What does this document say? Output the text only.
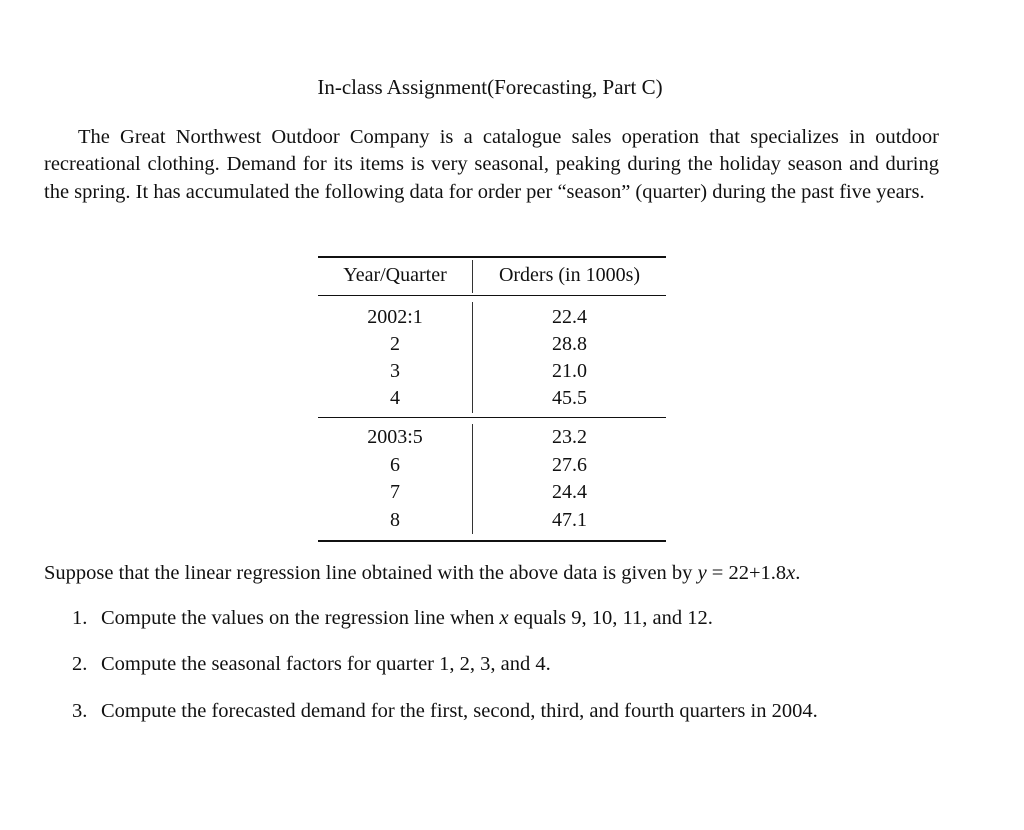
In-class Assignment(Forecasting, Part C)

The Great Northwest Outdoor Company is a catalogue sales operation that specializes in outdoor recreational clothing. Demand for its items is very seasonal, peaking during the holiday season and during the spring. It has accumulated the following data for order per “season” (quarter) during the past five years.

Year/Quarter	Orders (in 1000s)
2002:1	22.4
2	28.8
3	21.0
4	45.5
2003:5	23.2
6	27.6
7	24.4
8	47.1
Suppose that the linear regression line obtained with the above data is given by y = 22+1.8x.
1. Compute the values on the regression line when x equals 9, 10, 11, and 12.
2. Compute the seasonal factors for quarter 1, 2, 3, and 4.
3. Compute the forecasted demand for the first, second, third, and fourth quarters in 2004.
